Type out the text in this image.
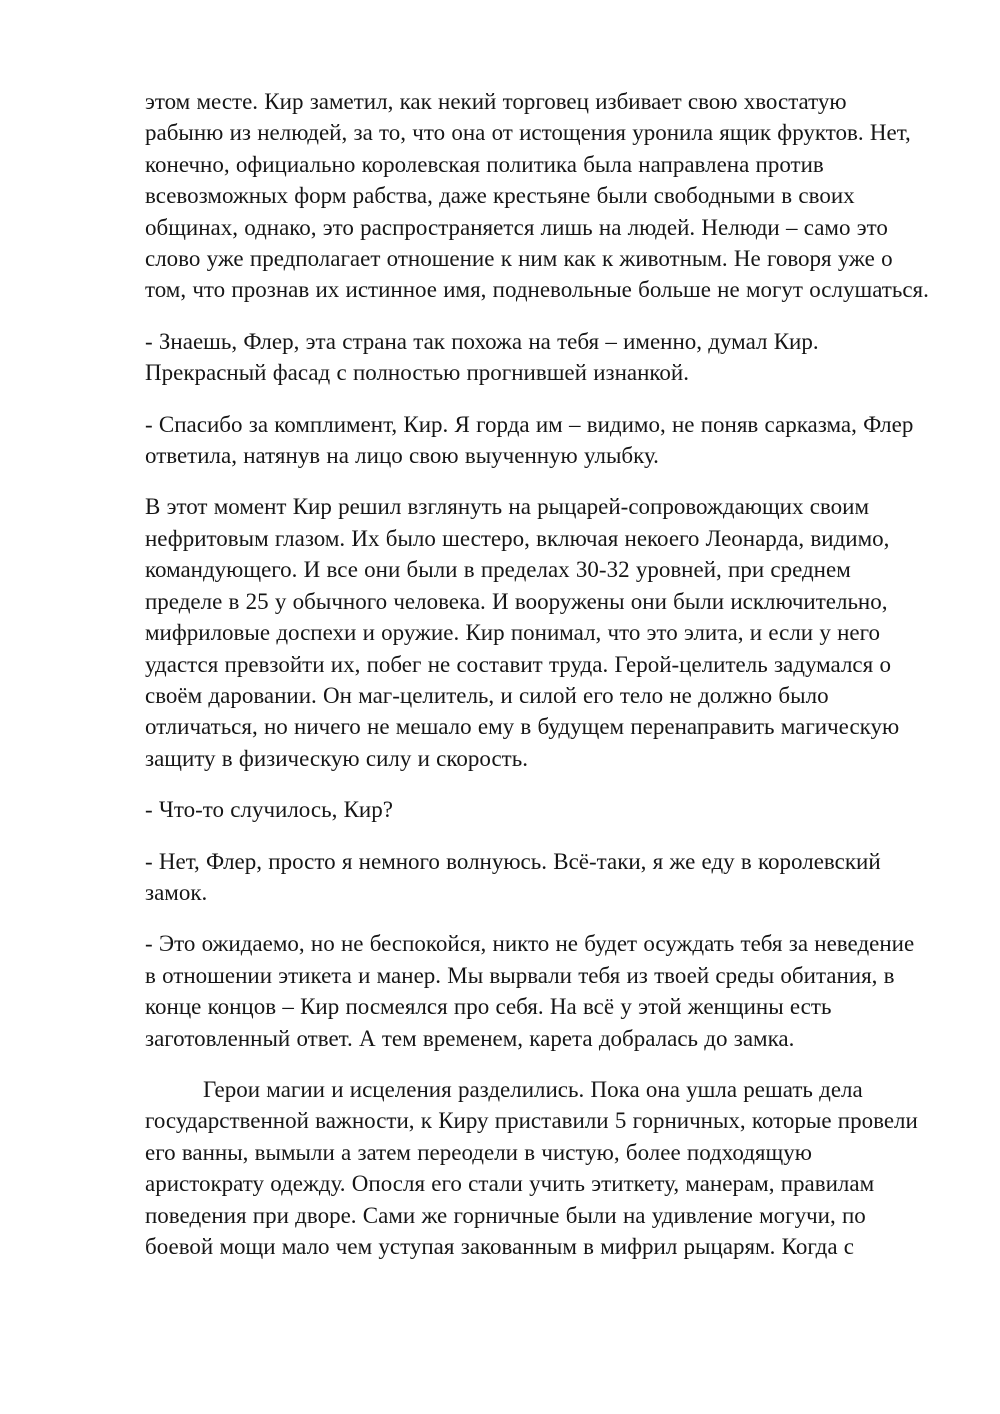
этом месте. Кир заметил, как некий торговец избивает свою хвостатую рабыню из нелюдей, за то, что она от истощения уронила ящик фруктов. Нет, конечно, официально королевская политика была направлена против всевозможных форм рабства, даже крестьяне были свободными в своих общинах, однако, это распространяется лишь на людей. Нелюди – само это слово уже предполагает отношение к ним как к животным. Не говоря уже о том, что прознав их истинное имя, подневольные больше не могут ослушаться.

- Знаешь, Флер, эта страна так похожа на тебя – именно, думал Кир. Прекрасный фасад с полностью прогнившей изнанкой.

- Спасибо за комплимент, Кир. Я горда им – видимо, не поняв сарказма, Флер ответила, натянув на лицо свою выученную улыбку.

В этот момент Кир решил взглянуть на рыцарей-сопровождающих своим нефритовым глазом. Их было шестеро, включая некоего Леонарда, видимо, командующего. И все они были в пределах 30-32 уровней, при среднем пределе в 25 у обычного человека. И вооружены они были исключительно, мифриловые доспехи и оружие. Кир понимал, что это элита, и если у него удастся превзойти их, побег не составит труда. Герой-целитель задумался о своём даровании. Он маг-целитель, и силой его тело не должно было отличаться, но ничего не мешало ему в будущем перенаправить магическую защиту в физическую силу и скорость.

- Что-то случилось, Кир?

- Нет, Флер, просто я немного волнуюсь. Всё-таки, я же еду в королевский замок.

- Это ожидаемо, но не беспокойся, никто не будет осуждать тебя за неведение в отношении этикета и манер. Мы вырвали тебя из твоей среды обитания, в конце концов – Кир посмеялся про себя. На всё у этой женщины есть заготовленный ответ. А тем временем, карета добралась до замка.

Герои магии и исцеления разделились. Пока она ушла решать дела государственной важности, к Киру приставили 5 горничных, которые провели его ванны, вымыли а затем переодели в чистую, более подходящую аристократу одежду. Опосля его стали учить этиткету, манерам, правилам поведения при дворе. Сами же горничные были на удивление могучи, по боевой мощи мало чем уступая закованным в мифрил рыцарям. Когда с
